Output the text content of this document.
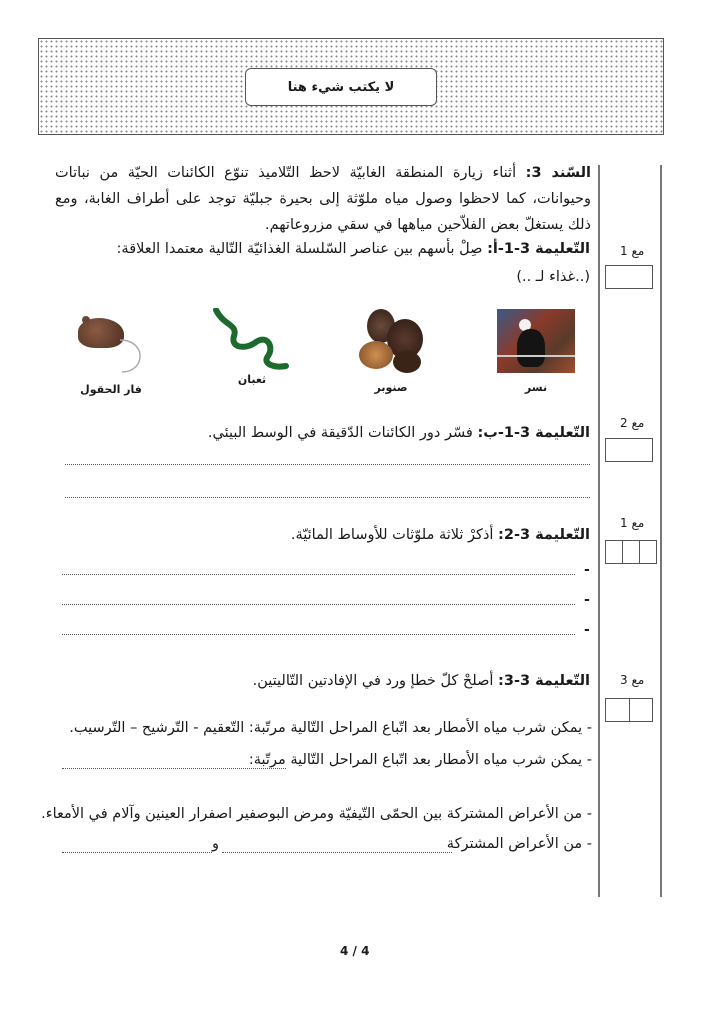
لا يكتب شيء هنا
السّند 3: أثناء زيارة المنطقة الغابيّة لاحظ التّلاميذ تنوّع الكائنات الحيّة من نباتات وحيوانات، كما لاحظوا وصول مياه ملوّثة إلى بحيرة جبليّة توجد على أطراف الغابة، ومع ذلك يستغلّ بعض الفلاّحين مياهها في سقي مزروعاتهم.
التّعليمة 3-1-أ: صِلْ بأسهم بين عناصر السّلسلة الغذائيّة التّالية معتمدا العلاقة:
(..غذاء لـ ..)
مع 1
نسر
صنوبر
ثعبان
فار الحقول
التّعليمة 3-1-ب: فسّر دور الكائنات الدّقيقة في الوسط البيئي.
مع 2
التّعليمة 3-2: أذكرْ ثلاثة ملوّثات للأوساط المائيّة.
مع 1
-
-
-
التّعليمة 3-3: أصلحْ كلّ خطإ ورد في الإفادتين التّاليتين.	مع 3
- يمكن شرب مياه الأمطار بعد اتّباع المراحل التّالية مرتّبة: التّعقيم - التّرشيح – التّرسيب.
- يمكن شرب مياه الأمطار بعد اتّباع المراحل التّالية مرتّبة:
- من الأعراض المشتركة بين الحمّى التّيفيّة ومرض البوصفير اصفرار العينين وآلام في الأمعاء.
- من الأعراض المشتركة
و
4 / 4
